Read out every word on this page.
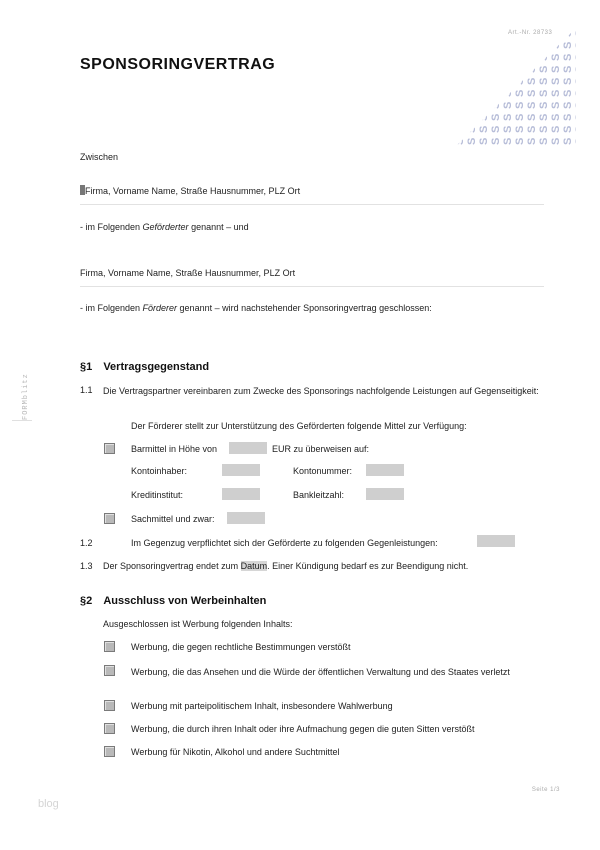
SPONSORINGVERTRAG
Art.-Nr. 28733
Zwischen
Firma, Vorname Name, Straße Hausnummer, PLZ Ort
- im Folgenden Geförderter genannt – und
Firma, Vorname Name, Straße Hausnummer, PLZ Ort
- im Folgenden Förderer genannt – wird nachstehender Sponsoringvertrag geschlossen:
§1 Vertragsgegenstand
1.1 Die Vertragspartner vereinbaren zum Zwecke des Sponsorings nachfolgende Leistungen auf Gegenseitigkeit:
Der Förderer stellt zur Unterstützung des Geförderten folgende Mittel zur Verfügung:
Barmittel in Höhe von	EUR zu überweisen auf:
Kontoinhaber:	Kontonummer:
Kreditinstitut:	Bankleitzahl:
Sachmittel und zwar:
1.2	Im Gegenzug verpflichtet sich der Geförderte zu folgenden Gegenleistungen:
1.3 Der Sponsoringvertrag endet zum Datum. Einer Kündigung bedarf es zur Beendigung nicht.
§2 Ausschluss von Werbeinhalten
Ausgeschlossen ist Werbung folgenden Inhalts:
Werbung, die gegen rechtliche Bestimmungen verstößt
Werbung, die das Ansehen und die Würde der öffentlichen Verwaltung und des Staates verletzt
Werbung mit parteipolitischem Inhalt, insbesondere Wahlwerbung
Werbung, die durch ihren Inhalt oder ihre Aufmachung gegen die guten Sitten verstößt
Werbung für Nikotin, Alkohol und andere Suchtmittel
FORMblitz
Seite 1/3
blog
